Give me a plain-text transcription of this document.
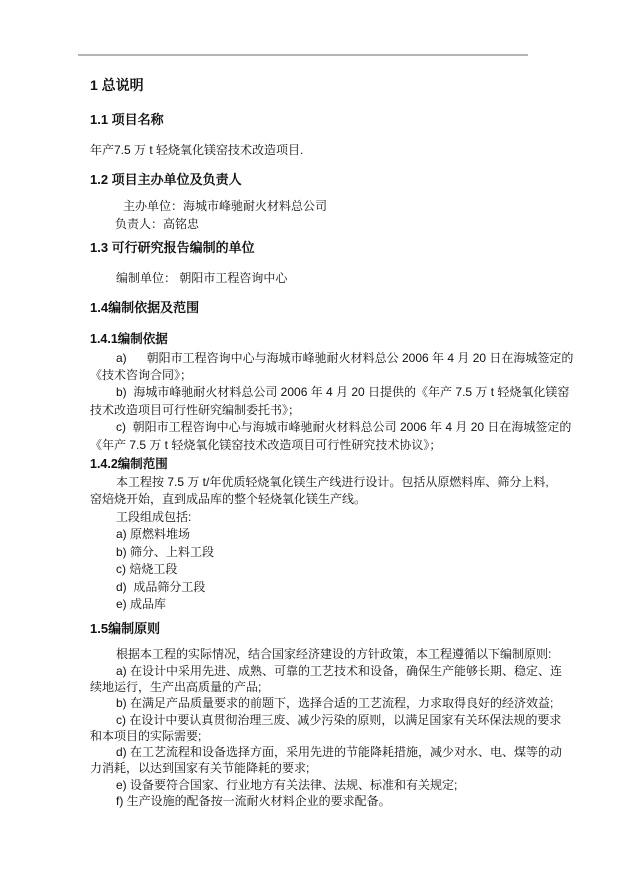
1 总说明
1.1 项目名称
年产7.5 万 t 轻烧氧化镁窑技术改造项目.
1.2 项目主办单位及负责人
主办单位：海城市峰驰耐火材料总公司
负责人：高铭忠
1.3 可行研究报告编制的单位
编制单位： 朝阳市工程咨询中心
1.4编制依据及范围
1.4.1编制依据
a)      朝阳市工程咨询中心与海城市峰驰耐火材料总公 2006 年 4 月 20 日在海城签定的
《技术咨询合同》；
b)  海城市峰驰耐火材料总公司 2006 年 4 月 20 日提供的《年产 7.5 万 t 轻烧氧化镁窑
技术改造项目可行性研究编制委托书》；
c)  朝阳市工程咨询中心与海城市峰驰耐火材料总公司 2006 年 4 月 20 日在海城签定的
《年产 7.5 万 t 轻烧氧化镁窑技术改造项目可行性研究技术协议》；
1.4.2编制范围
本工程按 7.5 万 t/年优质轻烧氧化镁生产线进行设计。包括从原燃料库、筛分上料,
窑焙烧开始，直到成品库的整个轻烧氧化镁生产线。
工段组成包括:
a) 原燃料堆场
b) 筛分、上料工段
c) 焙烧工段
d)  成品筛分工段
e) 成品库
1.5编制原则
根据本工程的实际情况，结合国家经济建设的方针政策，本工程遵循以下编制原则:
a) 在设计中采用先进、成熟、可靠的工艺技术和设备，确保生产能够长期、稳定、连
续地运行，生产出高质量的产品;
b) 在满足产品质量要求的前题下，选择合适的工艺流程，力求取得良好的经济效益;
c) 在设计中要认真贯彻治理三废、减少污染的原则，以满足国家有关环保法规的要求
和本项目的实际需要;
d) 在工艺流程和设备选择方面，采用先进的节能降耗措施，减少对水、电、煤等的动
力消耗，以达到国家有关节能降耗的要求;
e) 设备要符合国家、行业地方有关法律、法规、标准和有关规定;
f) 生产设施的配备按一流耐火材料企业的要求配备。
